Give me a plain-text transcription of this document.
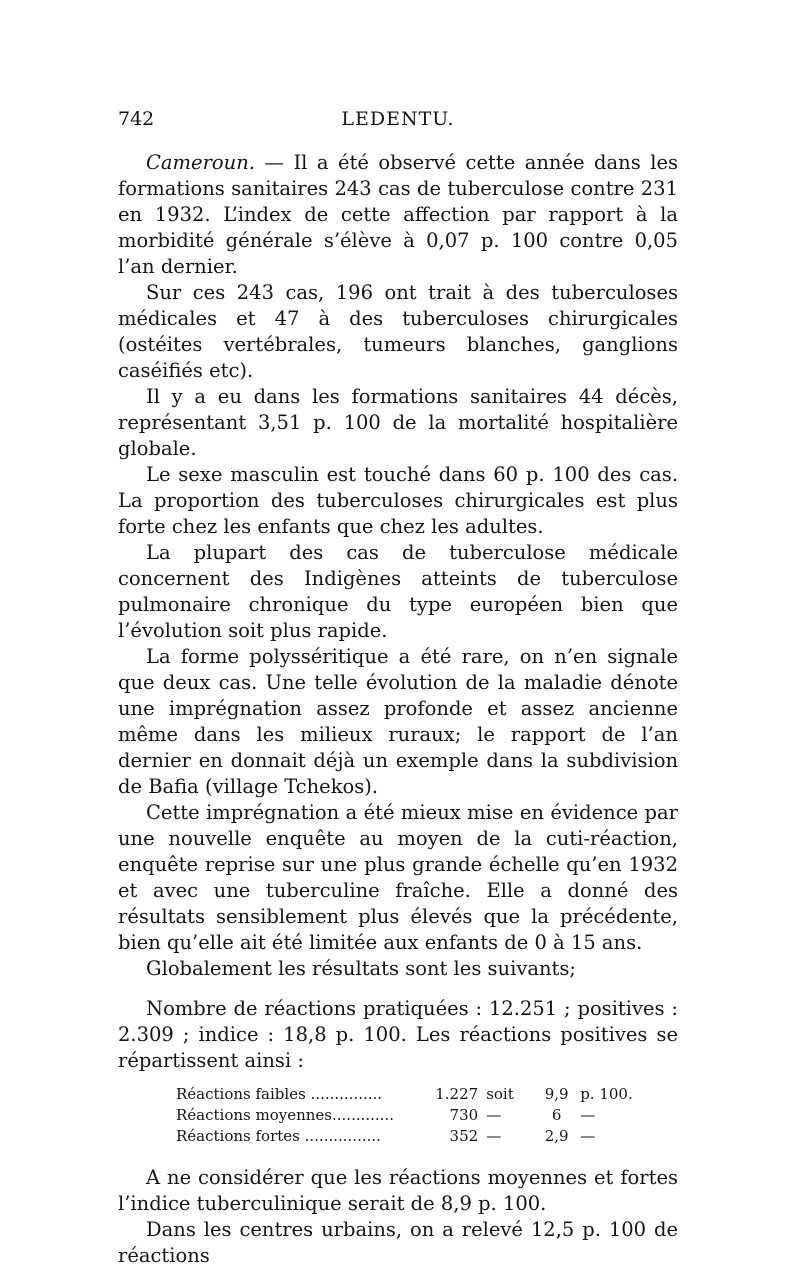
742	LEDENTU.

Cameroun. — Il a été observé cette année dans les formations sanitaires 243 cas de tuberculose contre 231 en 1932. L’index de cette affection par rapport à la morbidité générale s’élève à 0,07 p. 100 contre 0,05 l’an dernier.

Sur ces 243 cas, 196 ont trait à des tuberculoses médicales et 47 à des tuberculoses chirurgicales (ostéites vertébrales, tumeurs blanches, ganglions caséifiés etc).

Il y a eu dans les formations sanitaires 44 décès, représentant 3,51 p. 100 de la mortalité hospitalière globale.

Le sexe masculin est touché dans 60 p. 100 des cas. La proportion des tuberculoses chirurgicales est plus forte chez les enfants que chez les adultes.

La plupart des cas de tuberculose médicale concernent des Indigènes atteints de tuberculose pulmonaire chronique du type européen bien que l’évolution soit plus rapide.

La forme polysséritique a été rare, on n’en signale que deux cas. Une telle évolution de la maladie dénote une imprégnation assez profonde et assez ancienne même dans les milieux ruraux; le rapport de l’an dernier en donnait déjà un exemple dans la subdivision de Bafia (village Tchekos).

Cette imprégnation a été mieux mise en évidence par une nouvelle enquête au moyen de la cuti-réaction, enquête reprise sur une plus grande échelle qu’en 1932 et avec une tuberculine fraîche. Elle a donné des résultats sensiblement plus élevés que la précédente, bien qu’elle ait été limitée aux enfants de 0 à 15 ans.

Globalement les résultats sont les suivants;

Nombre de réactions pratiquées : 12.251 ; positives : 2.309 ; indice : 18,8 p. 100. Les réactions positives se répartissent ainsi :

Réactions faibles ...............	1.227	soit	9,9	p. 100.
Réactions moyennes.............	730	—	6	—
Réactions fortes ................	352	—	2,9	—

A ne considérer que les réactions moyennes et fortes l’indice tuberculinique serait de 8,9 p. 100.

Dans les centres urbains, on a relevé 12,5 p. 100 de réactions
